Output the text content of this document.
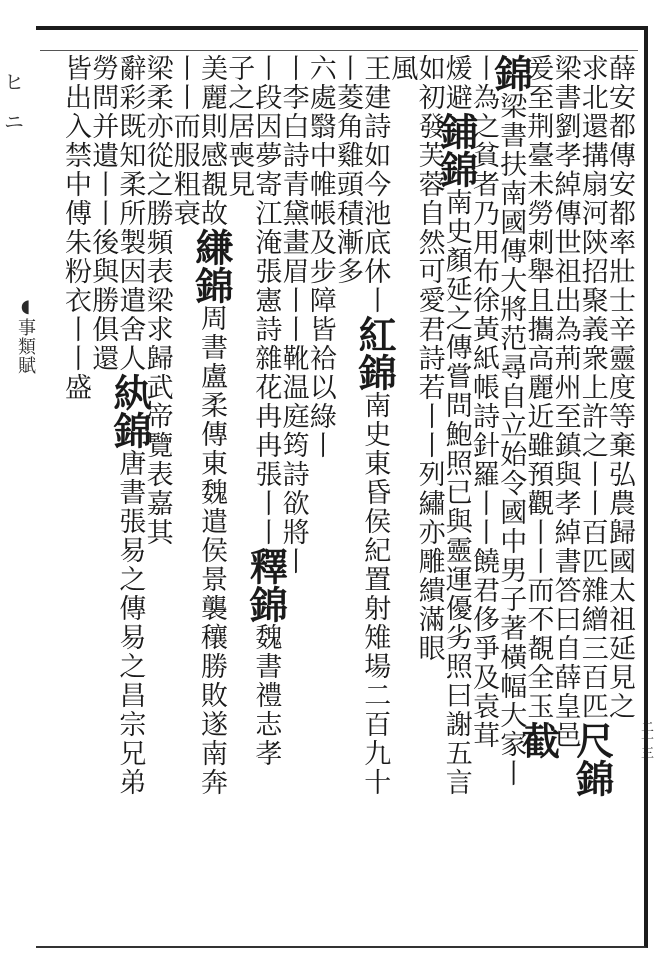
ヒ
ニ
◖事類賦
二十三
薛安都傳安都率壯士辛靈度等棄弘農歸國太祖延見之
求北還搆扇河陝招聚義衆上許之丨丨百匹雜繒三百匹尺錦
梁書劉孝綽傳世祖出為荊州至鎮與孝綽書答曰自薛皇邑
爰至荆臺未勞刺舉且攜高麗近雖預觀丨丨而不覩全玉截
錦梁書扶南國傳大將范尋自立始令國中男子著橫幅大家丨
丨為之貧者乃用布徐黃紙帳詩針羅丨丨饒君侈爭及袁茸
煖避鋪錦南史顏延之傳嘗問鮑照已與靈運優劣照曰謝五言
如初發芙蓉自然可愛君詩若丨丨列繡亦雕繢滿眼
風
王建詩如今池底休丨紅錦南史東昏侯紀置射雉場二百九十
丨菱角雞頭積漸多
六處翳中帷帳及步障皆袷以綠丨
丨李白詩青黛畫眉丨丨靴温庭筠詩欲將丨
丨段因夢寄江淹張憲詩雜花冉冉張丨丨釋錦魏書禮志孝
子之居喪見
美麗則感覩故縑錦周書盧柔傳東魏遣侯景襲穰勝敗遂南奔
丨丨而服粗衰
梁柔亦從之勝頻表梁求歸武帝覽表嘉其
辭彩既知柔所製因遣舍人紈錦唐書張易之傳易之昌宗兄弟
勞問并遺丨丨後與勝俱還
皆出入禁中傅朱粉衣丨丨盛
